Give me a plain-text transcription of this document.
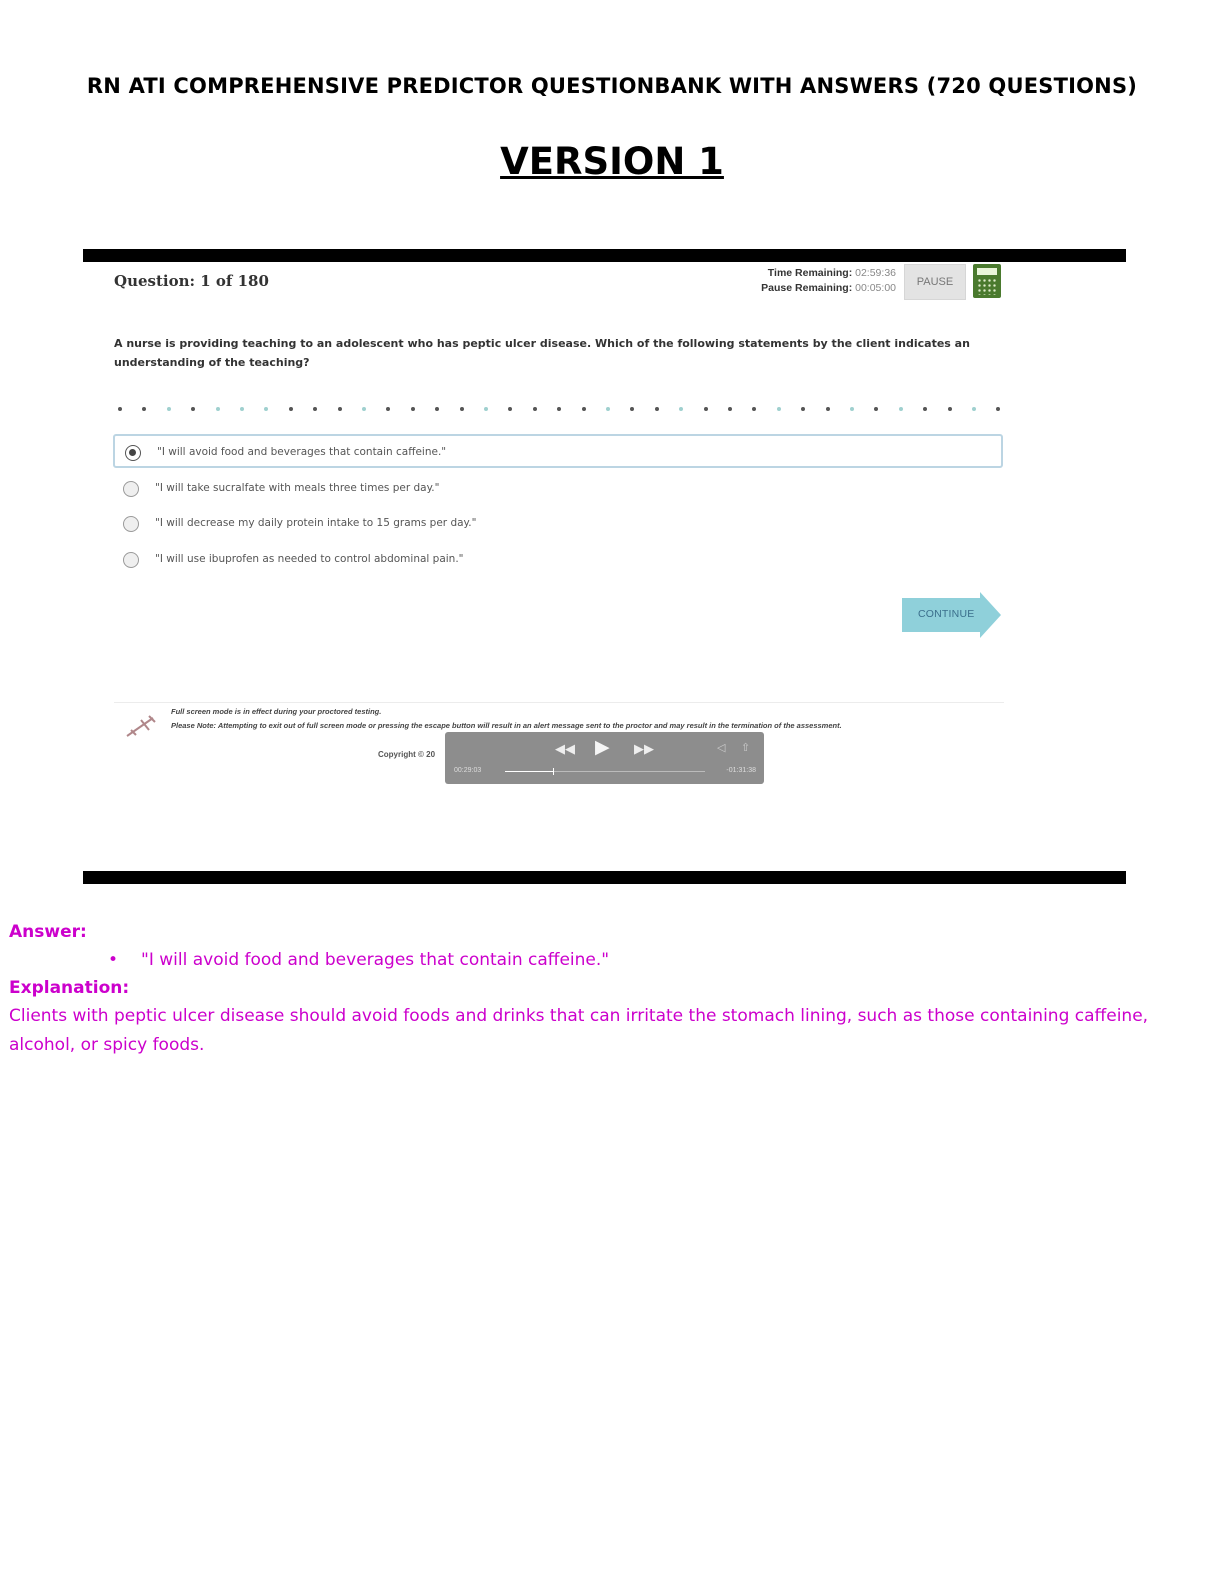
RN ATI COMPREHENSIVE PREDICTOR QUESTIONBANK WITH ANSWERS (720 QUESTIONS)
VERSION 1
Question: 1 of 180	Time Remaining: 02:59:36
Pause Remaining: 00:05:00	PAUSE
A nurse is providing teaching to an adolescent who has peptic ulcer disease. Which of the following statements by the client indicates an understanding of the teaching?
CONTINUE
Full screen mode is in effect during your proctored testing.
Please Note: Attempting to exit out of full screen mode or pressing the escape button will result in an alert message sent to the proctor and may result in the termination of the assessment.
Copyright © 20	◀◀ ▶ ▶▶	◁ ⇧
00:29:03	-01:31:38
"I will avoid food and beverages that contain caffeine."
"I will take sucralfate with meals three times per day."
"I will decrease my daily protein intake to 15 grams per day."
"I will use ibuprofen as needed to control abdominal pain."
Answer:
• "I will avoid food and beverages that contain caffeine."
Explanation:
Clients with peptic ulcer disease should avoid foods and drinks that can irritate the stomach lining, such as those containing caffeine, alcohol, or spicy foods.
